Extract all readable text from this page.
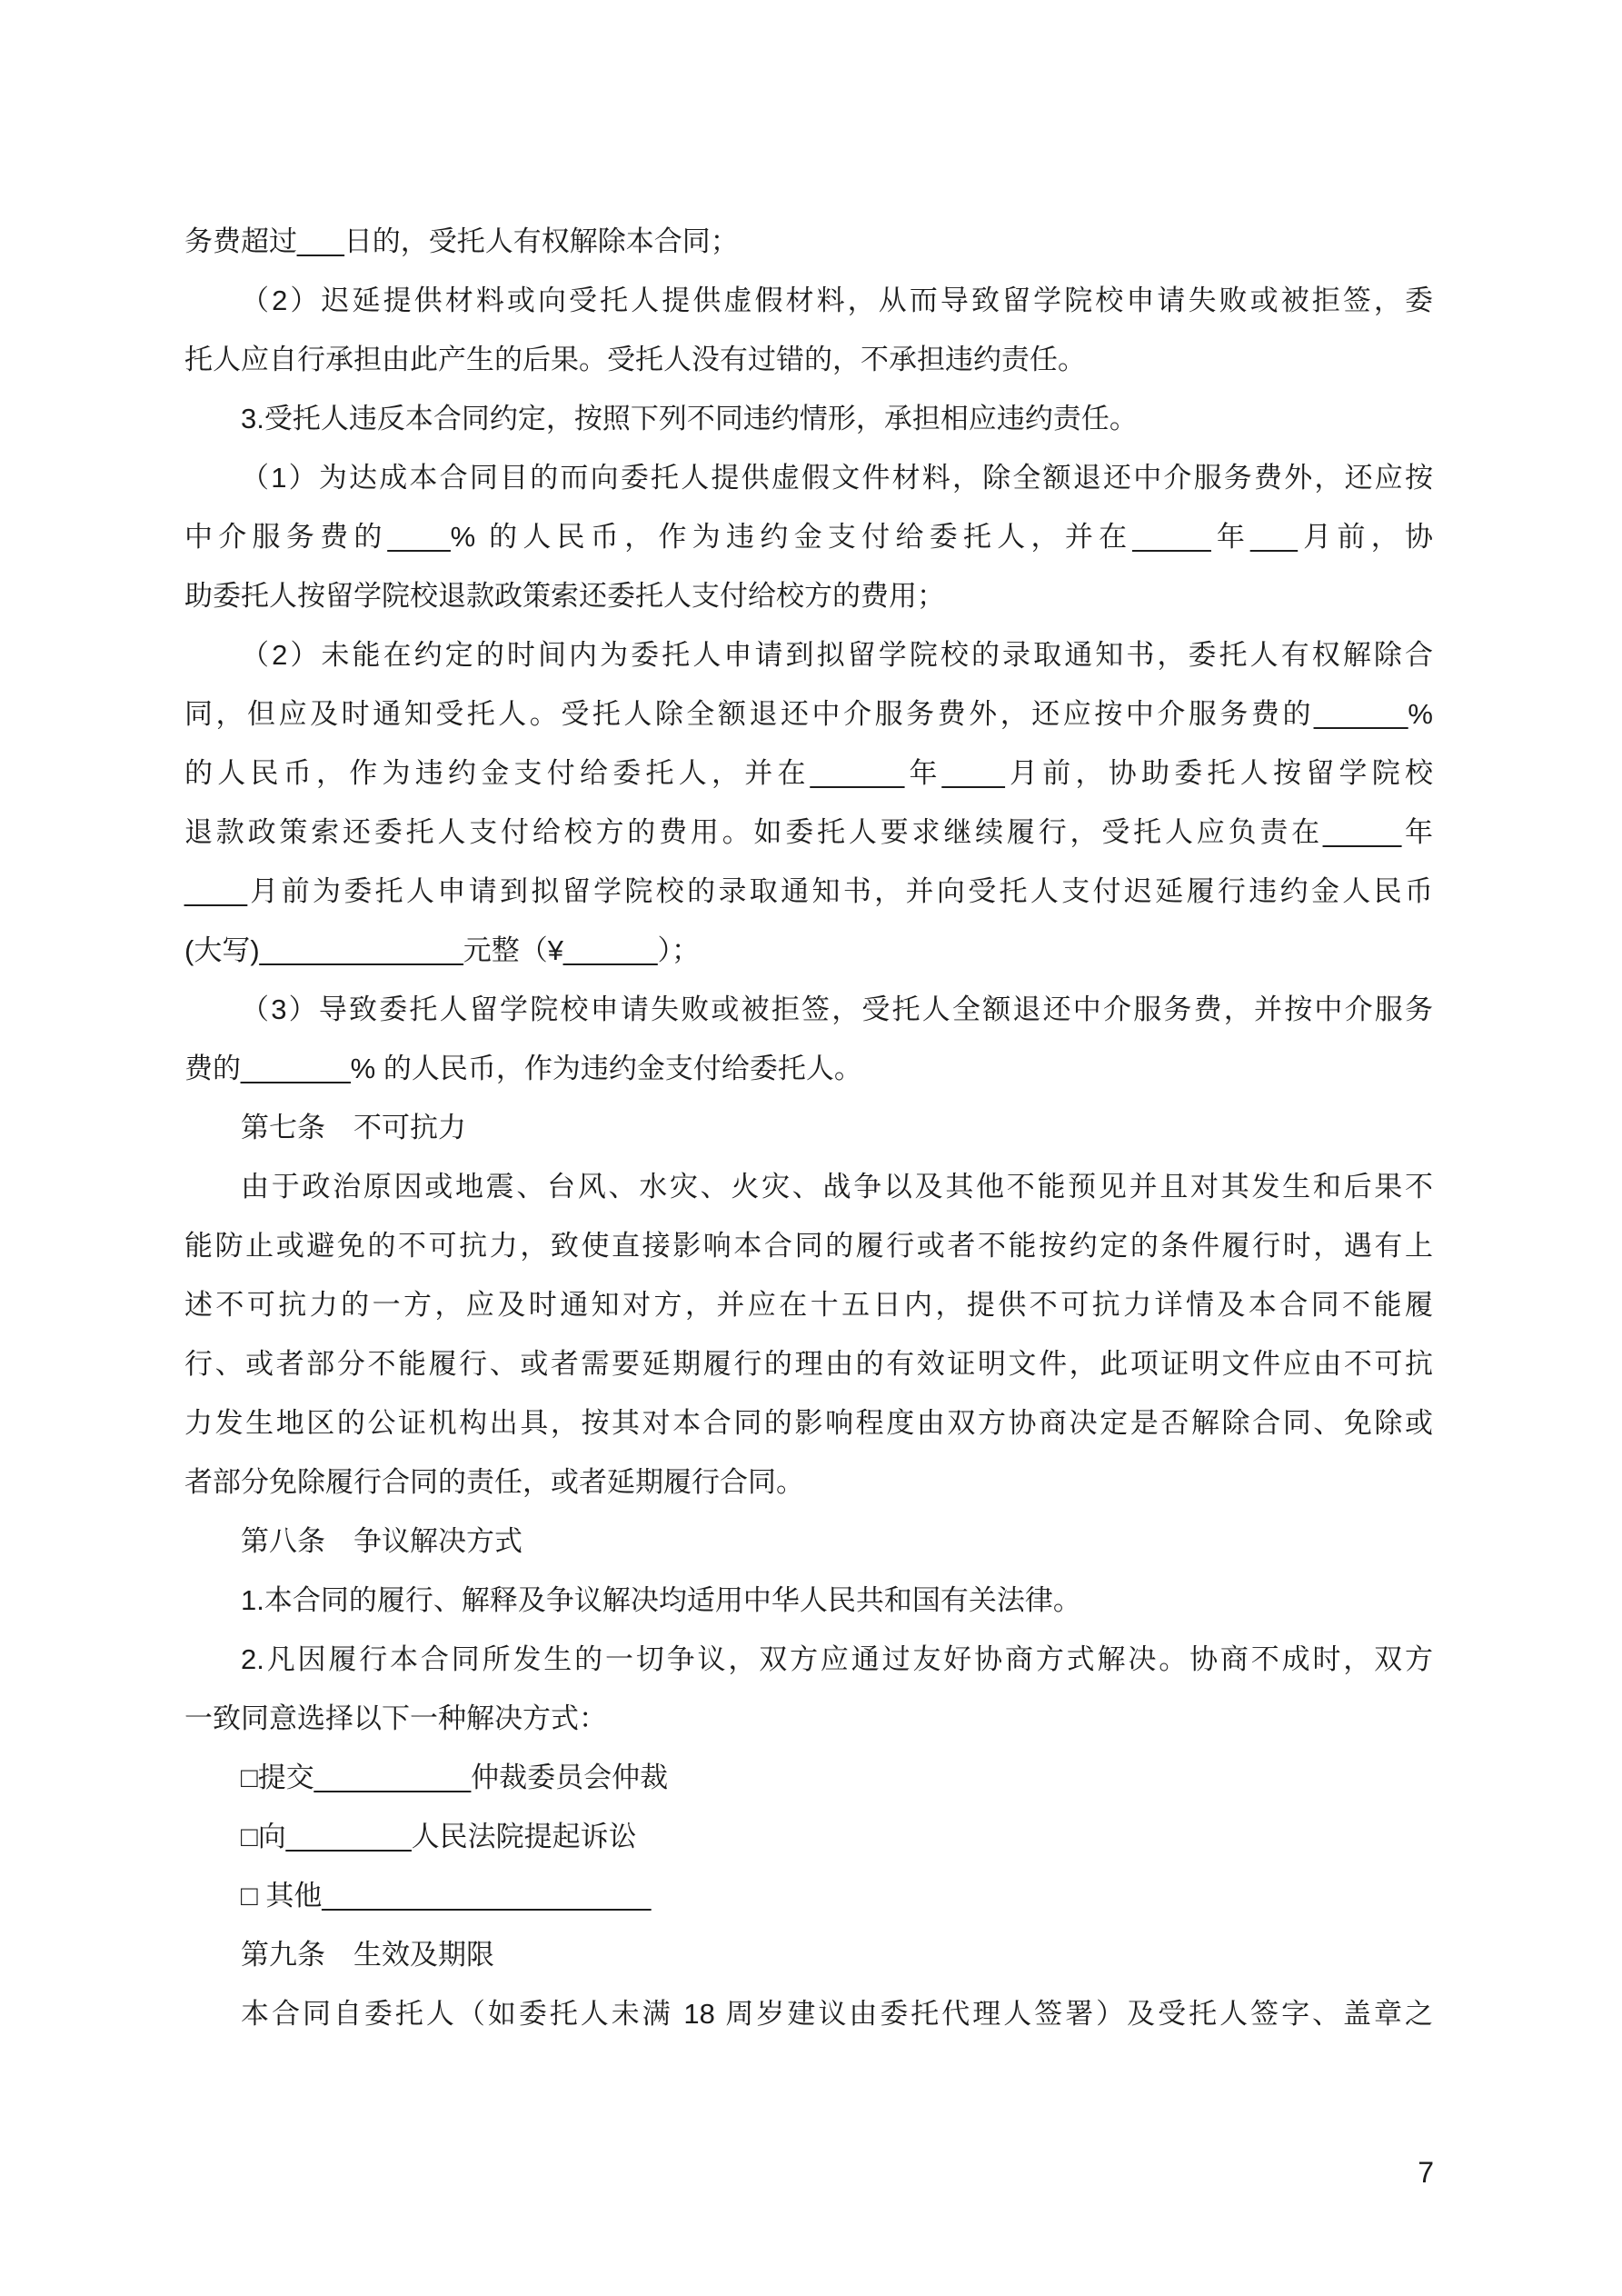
务费超过___日的，受托人有权解除本合同；
（2）迟延提供材料或向受托人提供虚假材料，从而导致留学院校申请失败或被拒签，委
托人应自行承担由此产生的后果。受托人没有过错的，不承担违约责任。
3.受托人违反本合同约定，按照下列不同违约情形，承担相应违约责任。
（1）为达成本合同目的而向委托人提供虚假文件材料，除全额退还中介服务费外，还应按
中介服务费的____% 的人民币，作为违约金支付给委托人，并在_____年___月前，协
助委托人按留学院校退款政策索还委托人支付给校方的费用；
（2）未能在约定的时间内为委托人申请到拟留学院校的录取通知书，委托人有权解除合
同，但应及时通知受托人。受托人除全额退还中介服务费外，还应按中介服务费的______%
的人民币，作为违约金支付给委托人，并在______年____月前，协助委托人按留学院校
退款政策索还委托人支付给校方的费用。如委托人要求继续履行，受托人应负责在_____年
____月前为委托人申请到拟留学院校的录取通知书，并向受托人支付迟延履行违约金人民币
(大写)_____________元整（¥______）；
（3）导致委托人留学院校申请失败或被拒签，受托人全额退还中介服务费，并按中介服务
费的_______% 的人民币，作为违约金支付给委托人。
第七条　不可抗力
由于政治原因或地震、台风、水灾、火灾、战争以及其他不能预见并且对其发生和后果不
能防止或避免的不可抗力，致使直接影响本合同的履行或者不能按约定的条件履行时，遇有上
述不可抗力的一方，应及时通知对方，并应在十五日内，提供不可抗力详情及本合同不能履
行、或者部分不能履行、或者需要延期履行的理由的有效证明文件，此项证明文件应由不可抗
力发生地区的公证机构出具，按其对本合同的影响程度由双方协商决定是否解除合同、免除或
者部分免除履行合同的责任，或者延期履行合同。
第八条　争议解决方式
1.本合同的履行、解释及争议解决均适用中华人民共和国有关法律。
2.凡因履行本合同所发生的一切争议，双方应通过友好协商方式解决。协商不成时，双方
一致同意选择以下一种解决方式：
□提交__________仲裁委员会仲裁
□向________人民法院提起诉讼
□ 其他_____________________
第九条　生效及期限
本合同自委托人（如委托人未满 18 周岁建议由委托代理人签署）及受托人签字、盖章之
7
